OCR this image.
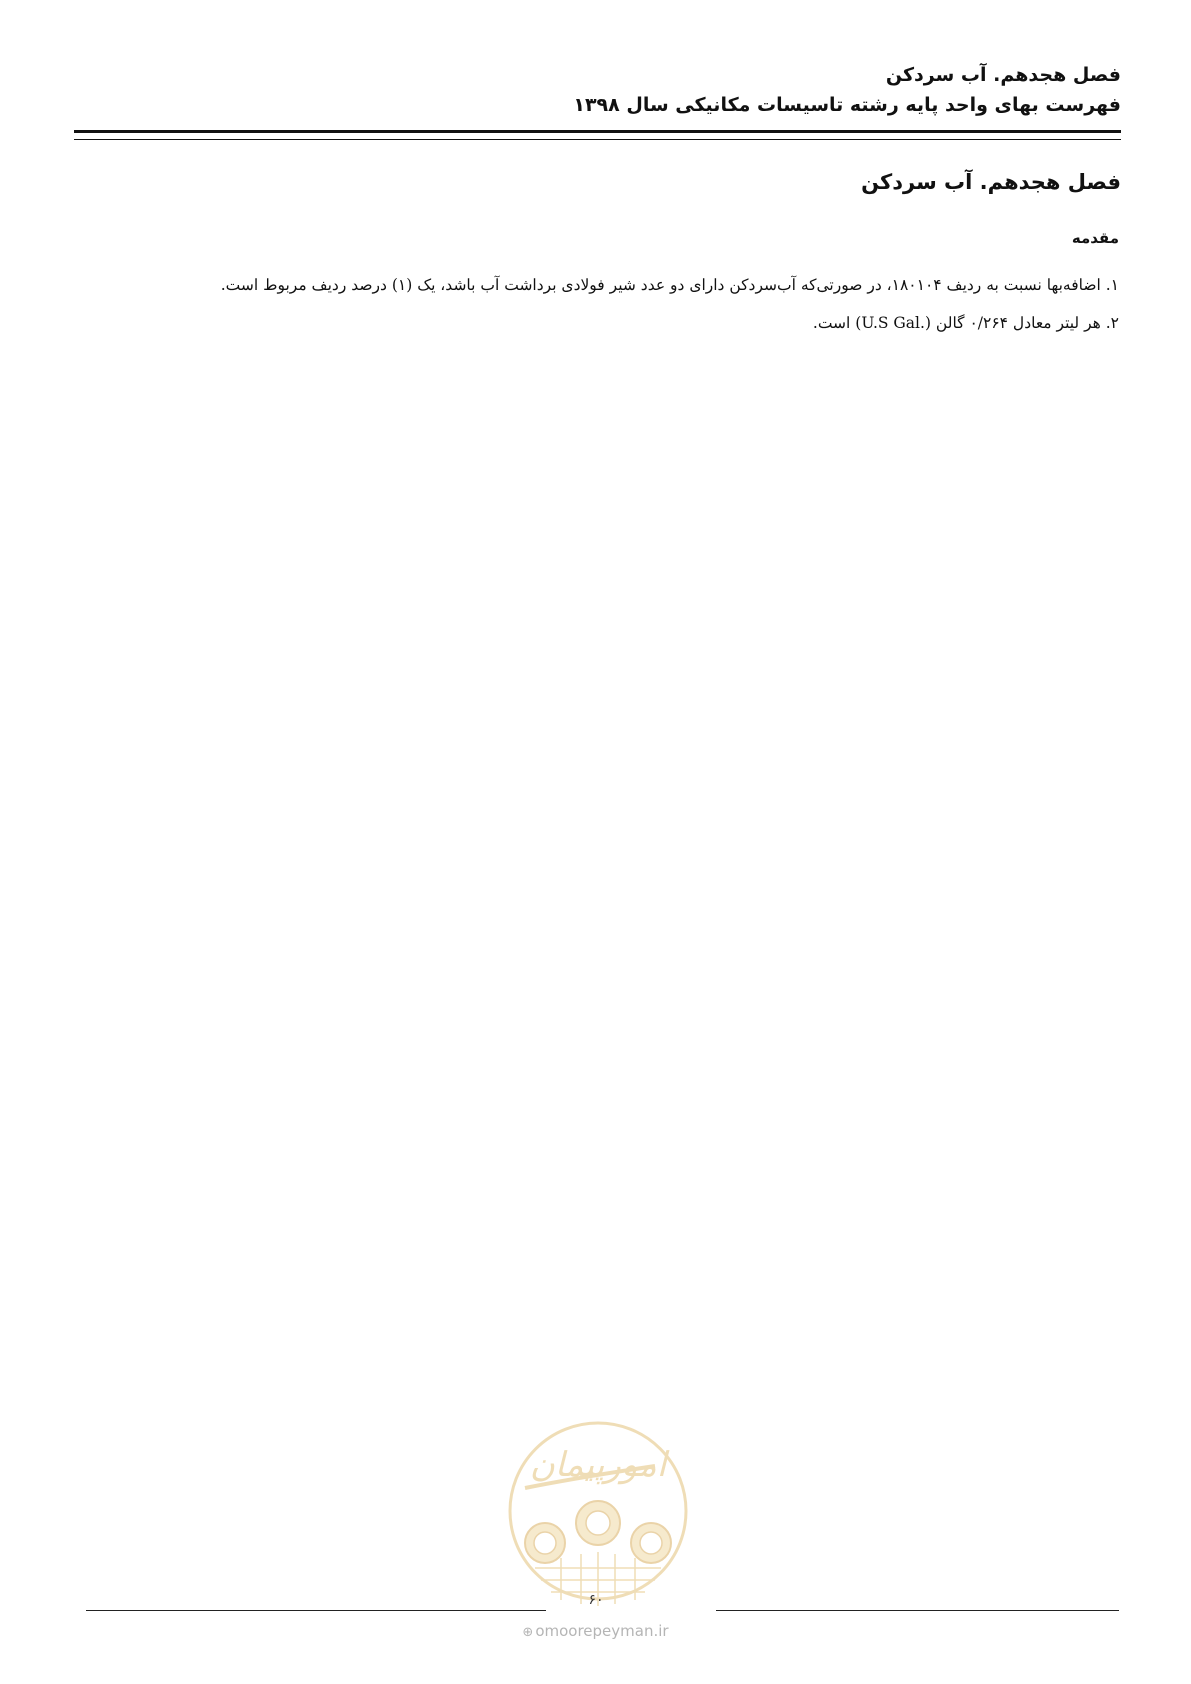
فصل هجدهم. آب سردکن
فهرست بهای واحد پایه رشته تاسیسات مکانیکی سال ۱۳۹۸
فصل هجدهم. آب سردکن
مقدمه

۱. اضافه‌بها نسبت به ردیف ۱۸۰۱۰۴، در صورتی‌که آب‌سردکن دارای دو عدد شیر فولادی برداشت آب باشد، یک (۱) درصد ردیف مربوط است.

۲. هر لیتر معادل ۰/۲۶۴ گالن (.U.S Gal) است.

امورپیمان
۶۰
⊕ omoorepeyman.ir
